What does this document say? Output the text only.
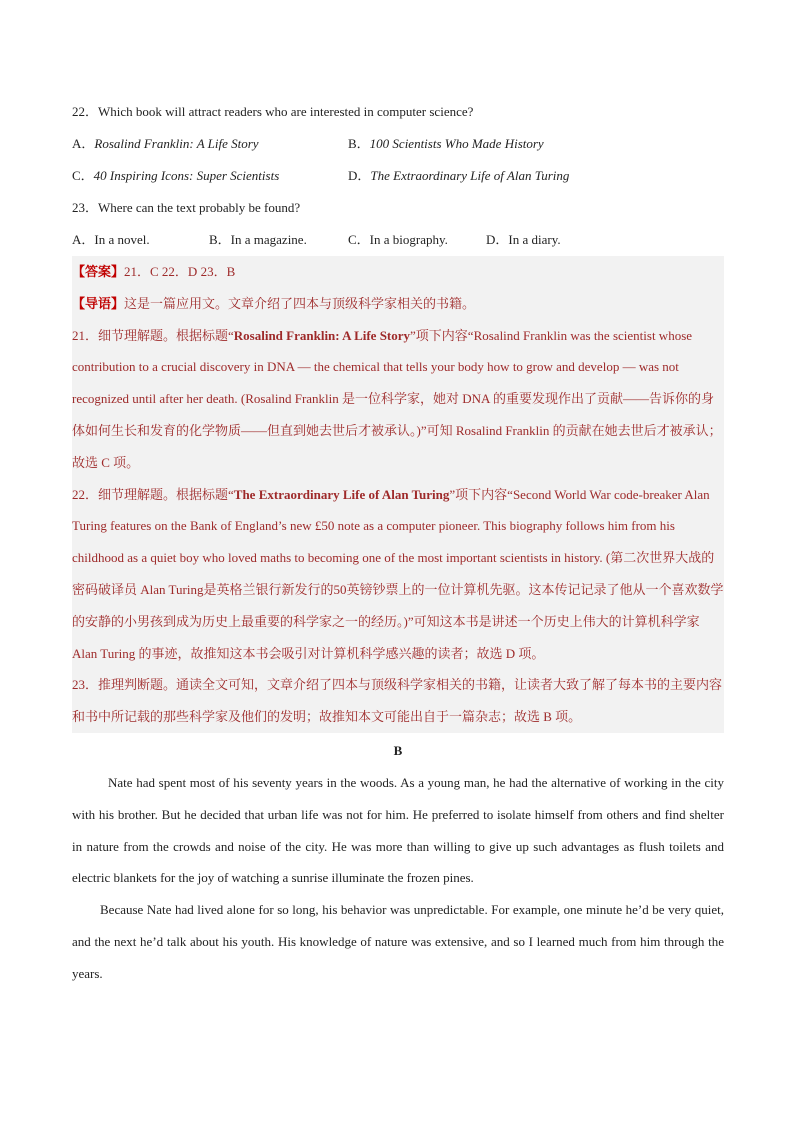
22．Which book will attract readers who are interested in computer science?
A．Rosalind Franklin: A Life Story	B．100 Scientists Who Made History
C．40 Inspiring Icons: Super Scientists	D．The Extraordinary Life of Alan Turing
23．Where can the text probably be found?
A．In a novel.	B．In a magazine.	C．In a biography.	D．In a diary.
【答案】21．C 22．D 23．B
【导语】这是一篇应用文。文章介绍了四本与顶级科学家相关的书籍。
21．细节理解题。根据标题“Rosalind Franklin: A Life Story”项下内容“Rosalind Franklin was the scientist whose contribution to a crucial discovery in DNA — the chemical that tells your body how to grow and develop — was not recognized until after her death. (Rosalind Franklin 是一位科学家，她对 DNA 的重要发现作出了贡献——告诉你的身体如何生长和发育的化学物质——但直到她去世后才被承认。)”可知 Rosalind Franklin 的贡献在她去世后才被承认；故选 C 项。
22．细节理解题。根据标题“The Extraordinary Life of Alan Turing”项下内容“Second World War code-breaker Alan Turing features on the Bank of England’s new £50 note as a computer pioneer. This biography follows him from his childhood as a quiet boy who loved maths to becoming one of the most important scientists in history. (第二次世界大战的密码破译员 Alan Turing是英格兰银行新发行的50英镑钞票上的一位计算机先驱。这本传记记录了他从一个喜欢数学的安静的小男孩到成为历史上最重要的科学家之一的经历。)”可知这本书是讲述一个历史上伟大的计算机科学家 Alan Turing 的事迹，故推知这本书会吸引对计算机科学感兴趣的读者；故选 D 项。
23．推理判断题。通读全文可知，文章介绍了四本与顶级科学家相关的书籍，让读者大致了解了每本书的主要内容和书中所记载的那些科学家及他们的发明；故推知本文可能出自于一篇杂志；故选 B 项。
B
Nate had spent most of his seventy years in the woods. As a young man, he had the alternative of working in the city with his brother. But he decided that urban life was not for him. He preferred to isolate himself from others and find shelter in nature from the crowds and noise of the city. He was more than willing to give up such advantages as flush toilets and electric blankets for the joy of watching a sunrise illuminate the frozen pines.
Because Nate had lived alone for so long, his behavior was unpredictable. For example, one minute he’d be very quiet, and the next he’d talk about his youth. His knowledge of nature was extensive, and so I learned much from him through the years.
